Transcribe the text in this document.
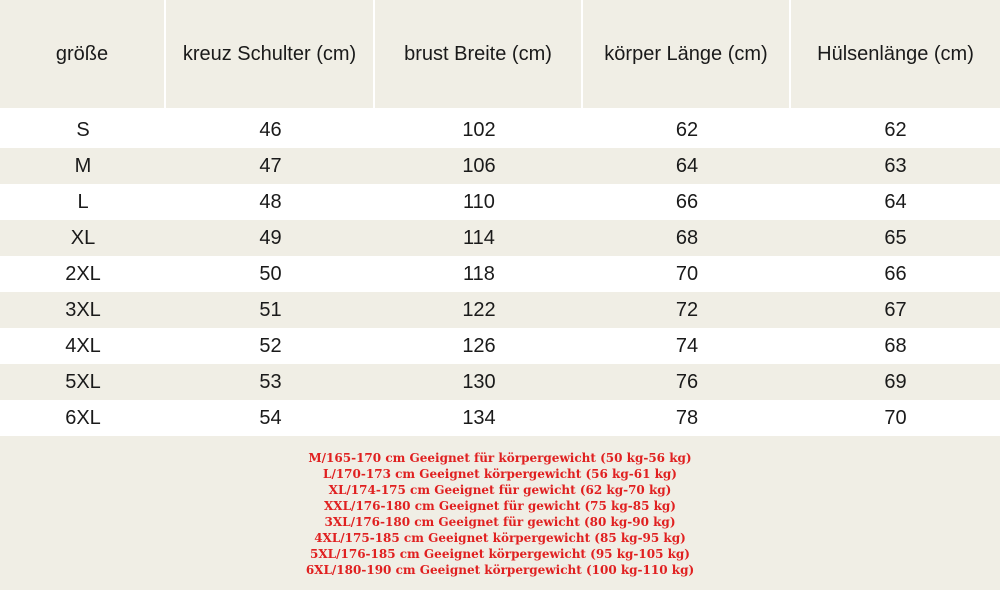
größe	kreuz Schulter (cm)	brust Breite (cm)	körper Länge (cm)	Hülsenlänge (cm)
S	46	102	62	62
M	47	106	64	63
L	48	110	66	64
XL	49	114	68	65
2XL	50	118	70	66
3XL	51	122	72	67
4XL	52	126	74	68
5XL	53	130	76	69
6XL	54	134	78	70
M/165-170 cm Geeignet für körpergewicht (50 kg-56 kg)
L/170-173 cm Geeignet körpergewicht (56 kg-61 kg)
XL/174-175 cm Geeignet für gewicht (62 kg-70 kg)
XXL/176-180 cm Geeignet für gewicht (75 kg-85 kg)
3XL/176-180 cm Geeignet für gewicht (80 kg-90 kg)
4XL/175-185 cm Geeignet körpergewicht (85 kg-95 kg)
5XL/176-185 cm Geeignet körpergewicht (95 kg-105 kg)
6XL/180-190 cm Geeignet körpergewicht (100 kg-110 kg)
